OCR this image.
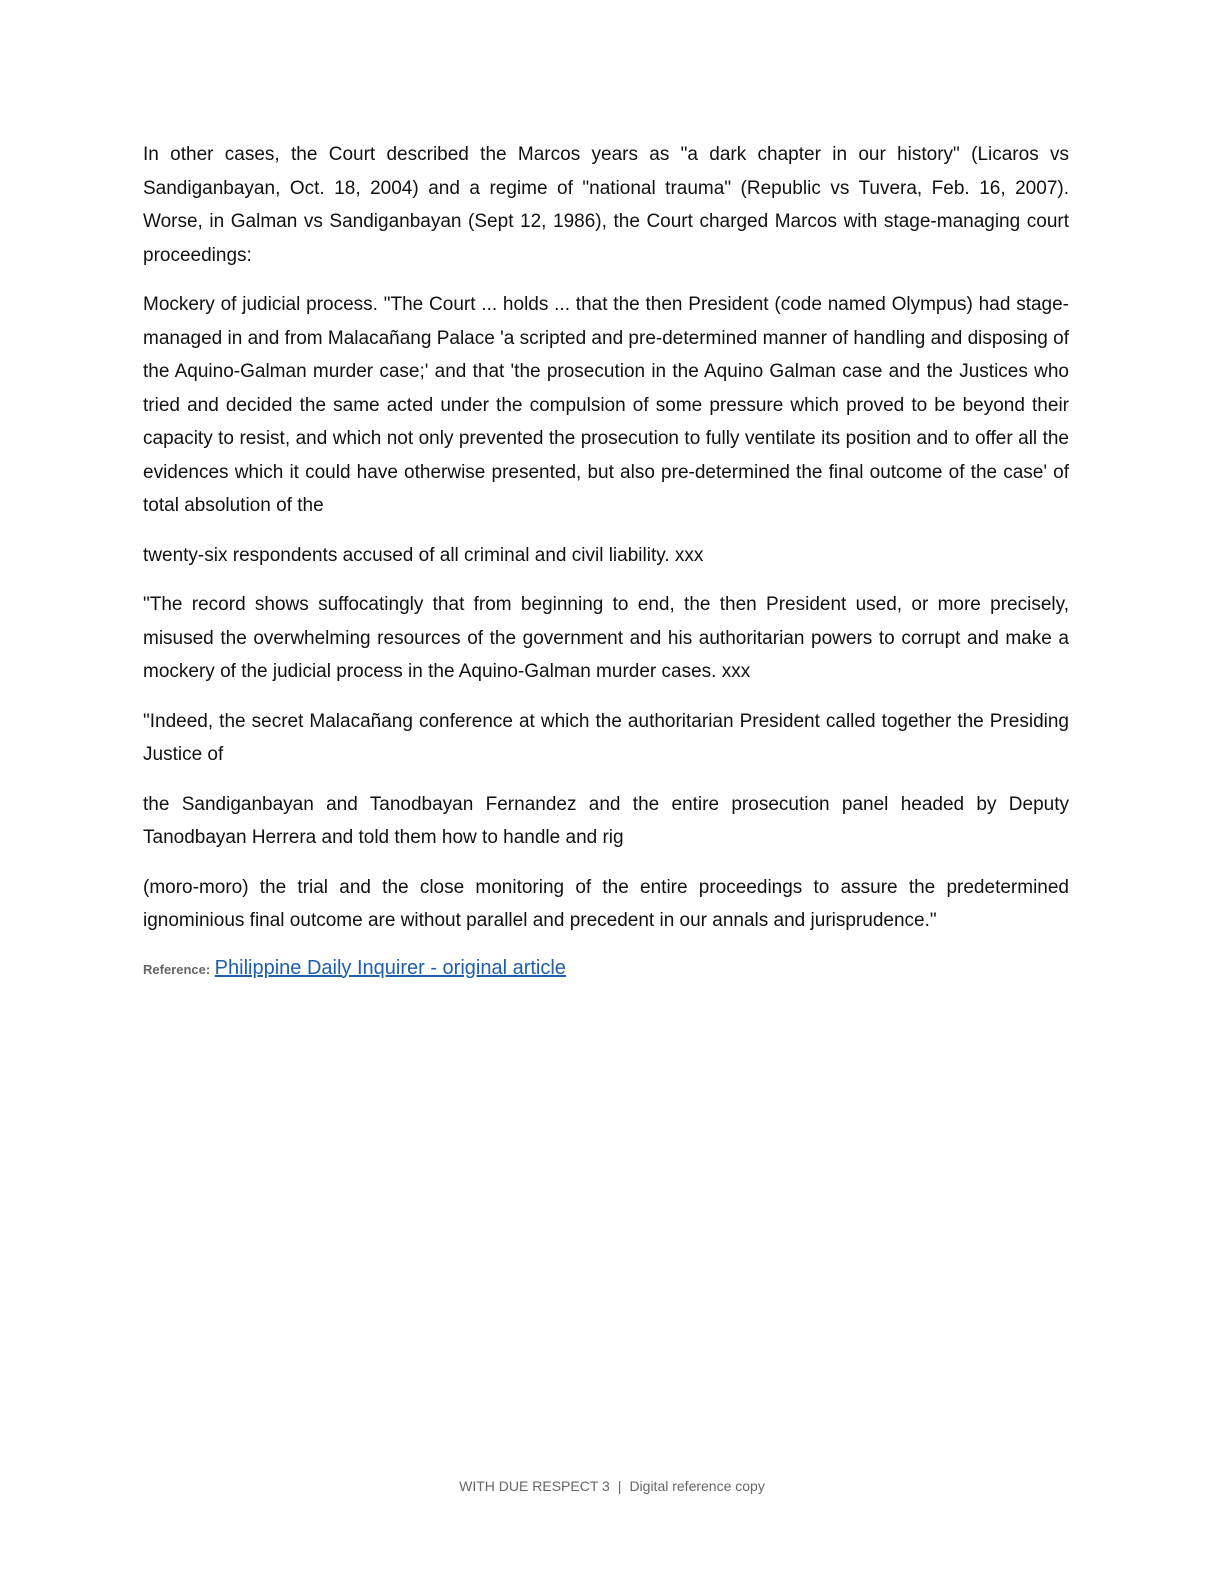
In other cases, the Court described the Marcos years as "a dark chapter in our history" (Licaros vs Sandiganbayan, Oct. 18, 2004) and a regime of "national trauma" (Republic vs Tuvera, Feb. 16, 2007). Worse, in Galman vs Sandiganbayan (Sept 12, 1986), the Court charged Marcos with stage-managing court proceedings:

Mockery of judicial process. "The Court ... holds ... that the then President (code named Olympus) had stage-managed in and from Malacañang Palace 'a scripted and pre-determined manner of handling and disposing of the Aquino-Galman murder case;' and that 'the prosecution in the Aquino Galman case and the Justices who tried and decided the same acted under the compulsion of some pressure which proved to be beyond their capacity to resist, and which not only prevented the prosecution to fully ventilate its position and to offer all the evidences which it could have otherwise presented, but also pre-determined the final outcome of the case' of total absolution of the

twenty-six respondents accused of all criminal and civil liability. xxx

"The record shows suffocatingly that from beginning to end, the then President used, or more precisely, misused the overwhelming resources of the government and his authoritarian powers to corrupt and make a mockery of the judicial process in the Aquino-Galman murder cases. xxx

"Indeed, the secret Malacañang conference at which the authoritarian President called together the Presiding Justice of

the Sandiganbayan and Tanodbayan Fernandez and the entire prosecution panel headed by Deputy Tanodbayan Herrera and told them how to handle and rig

(moro-moro) the trial and the close monitoring of the entire proceedings to assure the predetermined ignominious final outcome are without parallel and precedent in our annals and jurisprudence."

Reference: Philippine Daily Inquirer - original article
WITH DUE RESPECT 3 | Digital reference copy
